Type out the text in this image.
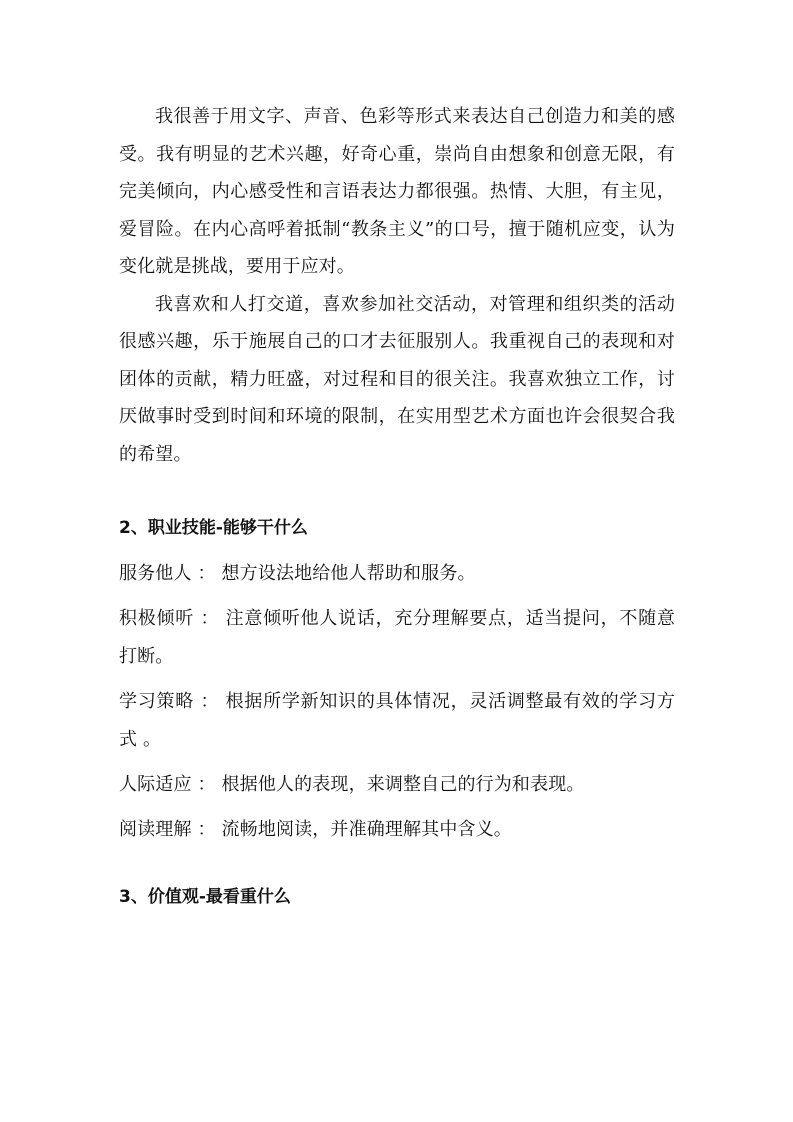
我很善于用文字、声音、色彩等形式来表达自己创造力和美的感受。我有明显的艺术兴趣，好奇心重，崇尚自由想象和创意无限，有完美倾向，内心感受性和言语表达力都很强。热情、大胆，有主见，爱冒险。在内心高呼着抵制“教条主义”的口号，擅于随机应变，认为变化就是挑战，要用于应对。

我喜欢和人打交道，喜欢参加社交活动，对管理和组织类的活动很感兴趣，乐于施展自己的口才去征服别人。我重视自己的表现和对团体的贡献，精力旺盛，对过程和目的很关注。我喜欢独立工作，讨厌做事时受到时间和环境的限制，在实用型艺术方面也许会很契合我的希望。

2、职业技能-能够干什么
服务他人 ： 想方设法地给他人帮助和服务。
积极倾听 ： 注意倾听他人说话，充分理解要点，适当提问，不随意打断。
学习策略 ： 根据所学新知识的具体情况，灵活调整最有效的学习方式 。
人际适应 ： 根据他人的表现，来调整自己的行为和表现。
阅读理解 ： 流畅地阅读，并准确理解其中含义。
3、价值观-最看重什么
